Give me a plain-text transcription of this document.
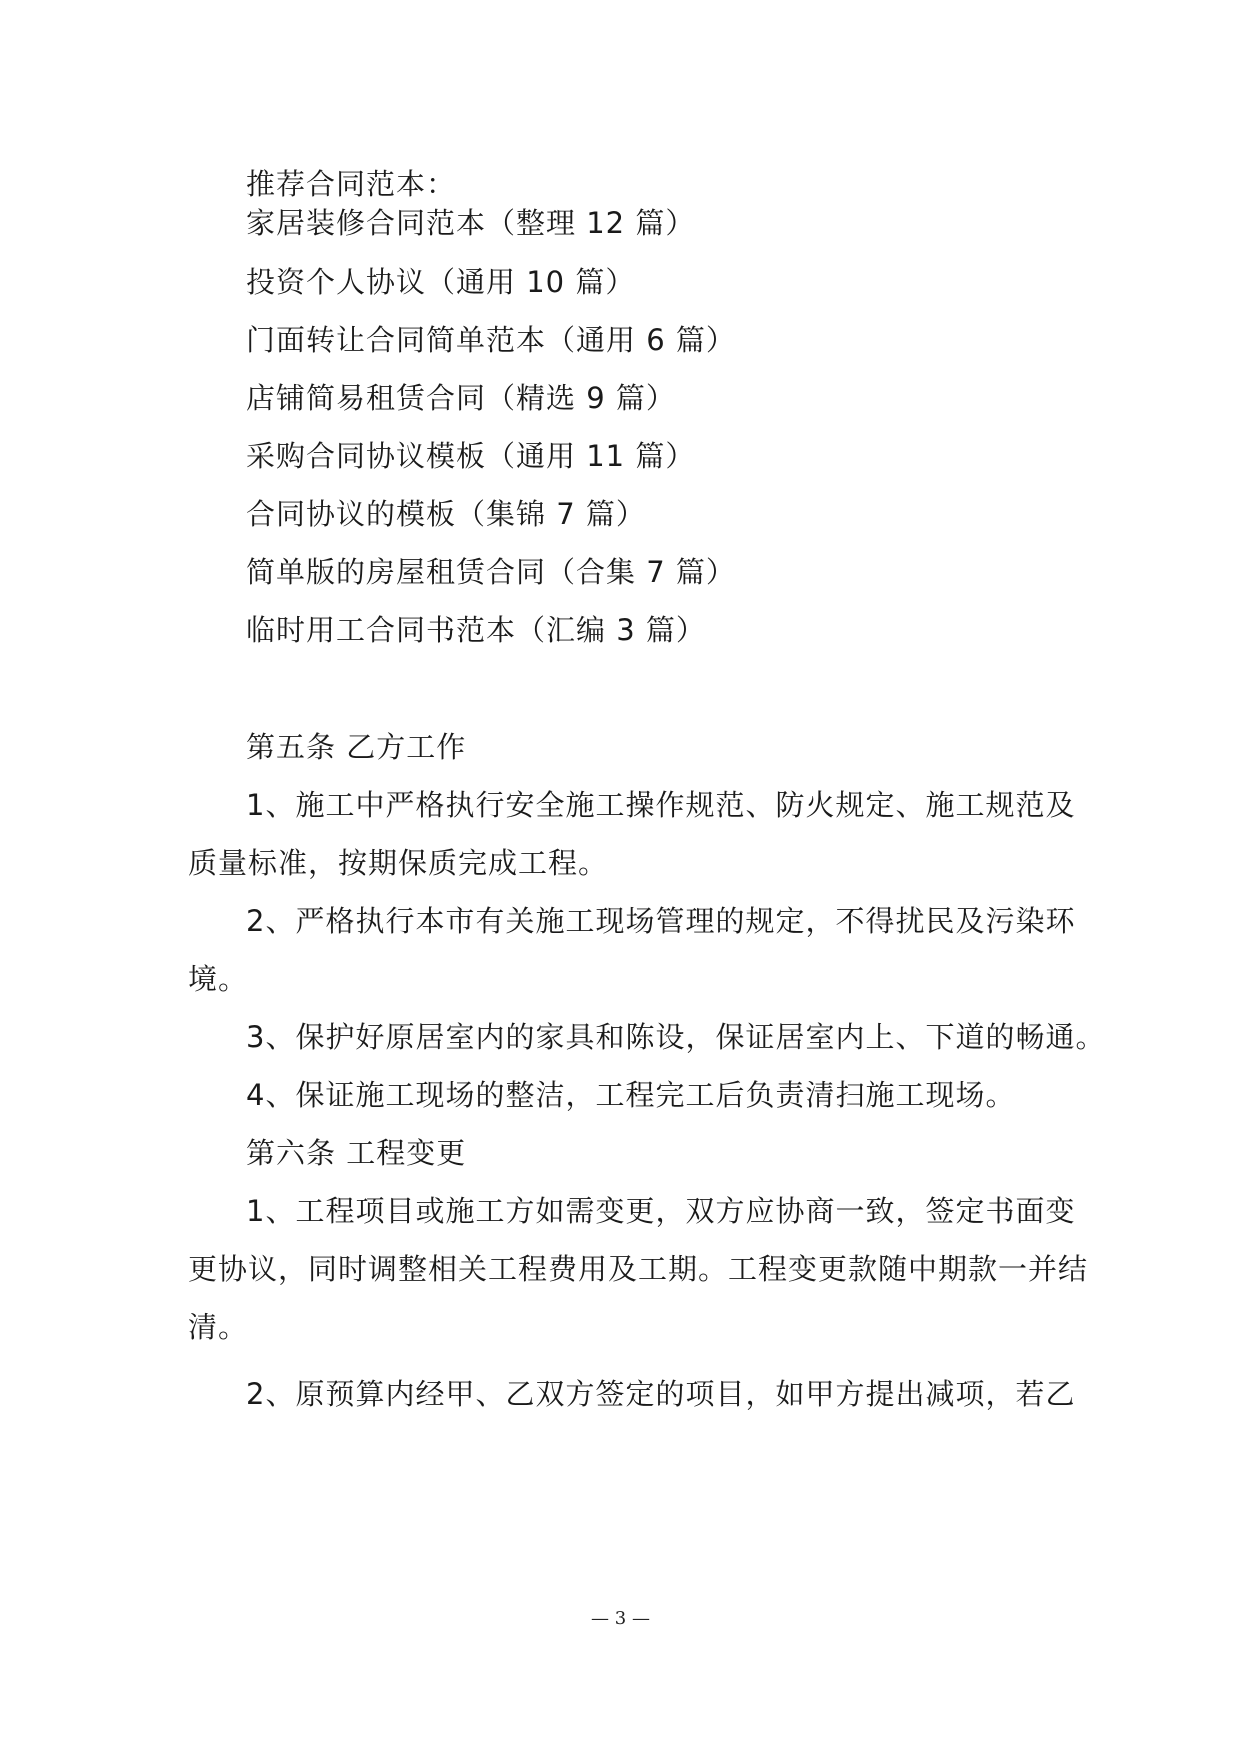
推荐合同范本：
家居装修合同范本（整理 12 篇）
投资个人协议（通用 10 篇）
门面转让合同简单范本（通用 6 篇）
店铺简易租赁合同（精选 9 篇）
采购合同协议模板（通用 11 篇）
合同协议的模板（集锦 7 篇）
简单版的房屋租赁合同（合集 7 篇）
临时用工合同书范本（汇编 3 篇）
第五条 乙方工作
1、施工中严格执行安全施工操作规范、防火规定、施工规范及
质量标准，按期保质完成工程。
2、严格执行本市有关施工现场管理的规定，不得扰民及污染环
境。
3、保护好原居室内的家具和陈设，保证居室内上、下道的畅通。
4、保证施工现场的整洁，工程完工后负责清扫施工现场。
第六条 工程变更
1、工程项目或施工方如需变更，双方应协商一致，签定书面变
更协议，同时调整相关工程费用及工期。工程变更款随中期款一并结
清。
2、原预算内经甲、乙双方签定的项目，如甲方提出减项，若乙
— 3 —
